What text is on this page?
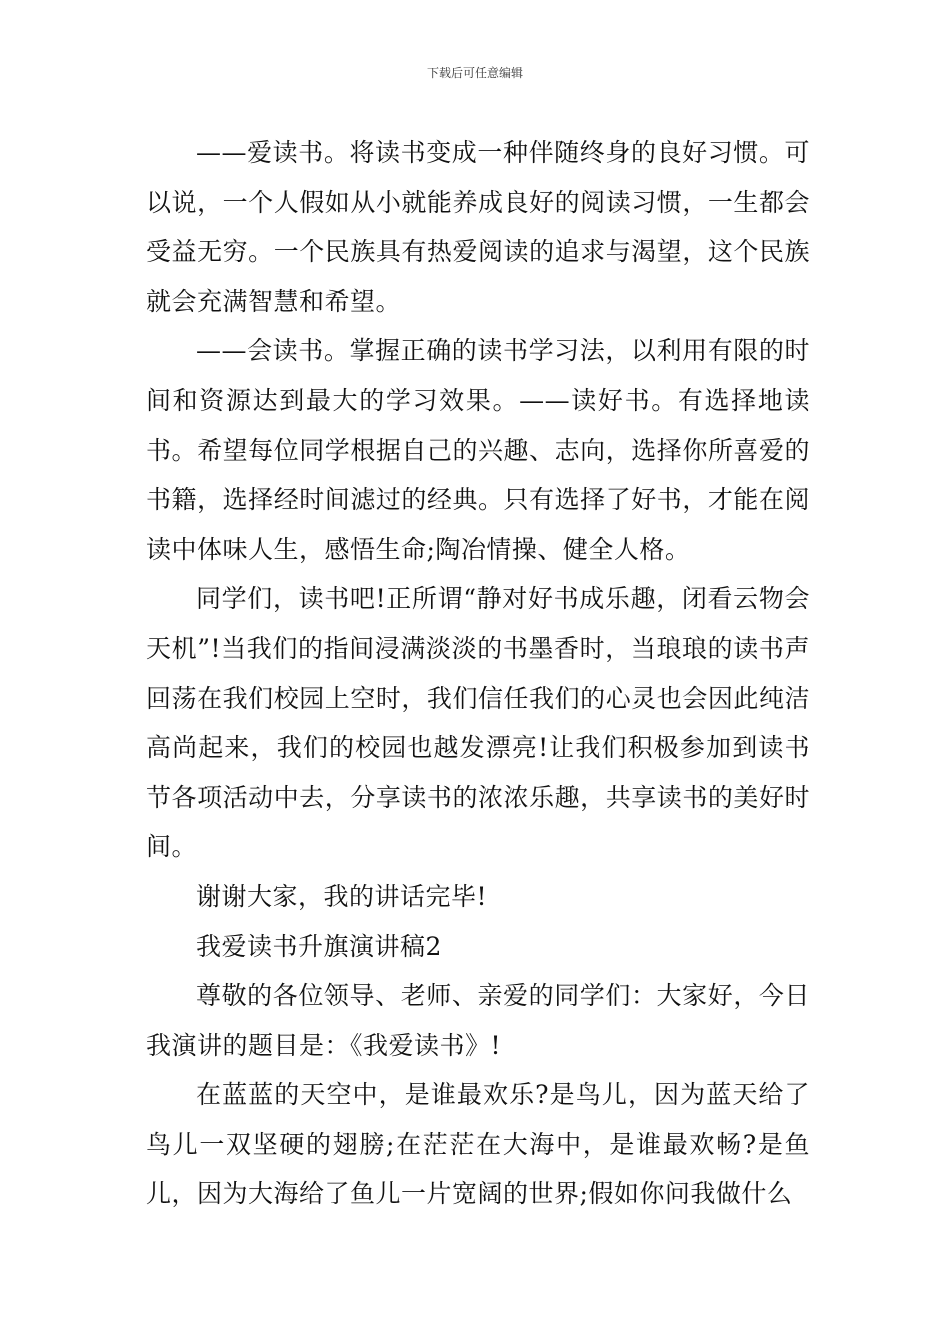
下载后可任意编辑

——爱读书。将读书变成一种伴随终身的良好习惯。可以说，一个人假如从小就能养成良好的阅读习惯，一生都会受益无穷。一个民族具有热爱阅读的追求与渴望，这个民族就会充满智慧和希望。

——会读书。掌握正确的读书学习法，以利用有限的时间和资源达到最大的学习效果。——读好书。有选择地读书。希望每位同学根据自己的兴趣、志向，选择你所喜爱的书籍，选择经时间滤过的经典。只有选择了好书，才能在阅读中体味人生，感悟生命;陶冶情操、健全人格。

同学们，读书吧!正所谓“静对好书成乐趣，闭看云物会天机”!当我们的指间浸满淡淡的书墨香时，当琅琅的读书声回荡在我们校园上空时，我们信任我们的心灵也会因此纯洁高尚起来，我们的校园也越发漂亮!让我们积极参加到读书节各项活动中去，分享读书的浓浓乐趣，共享读书的美好时间。

谢谢大家，我的讲话完毕!

我爱读书升旗演讲稿2

尊敬的各位领导、老师、亲爱的同学们：大家好，今日我演讲的题目是：《我爱读书》!

在蓝蓝的天空中，是谁最欢乐?是鸟儿，因为蓝天给了鸟儿一双坚硬的翅膀;在茫茫在大海中，是谁最欢畅?是鱼儿，因为大海给了鱼儿一片宽阔的世界;假如你问我做什么
